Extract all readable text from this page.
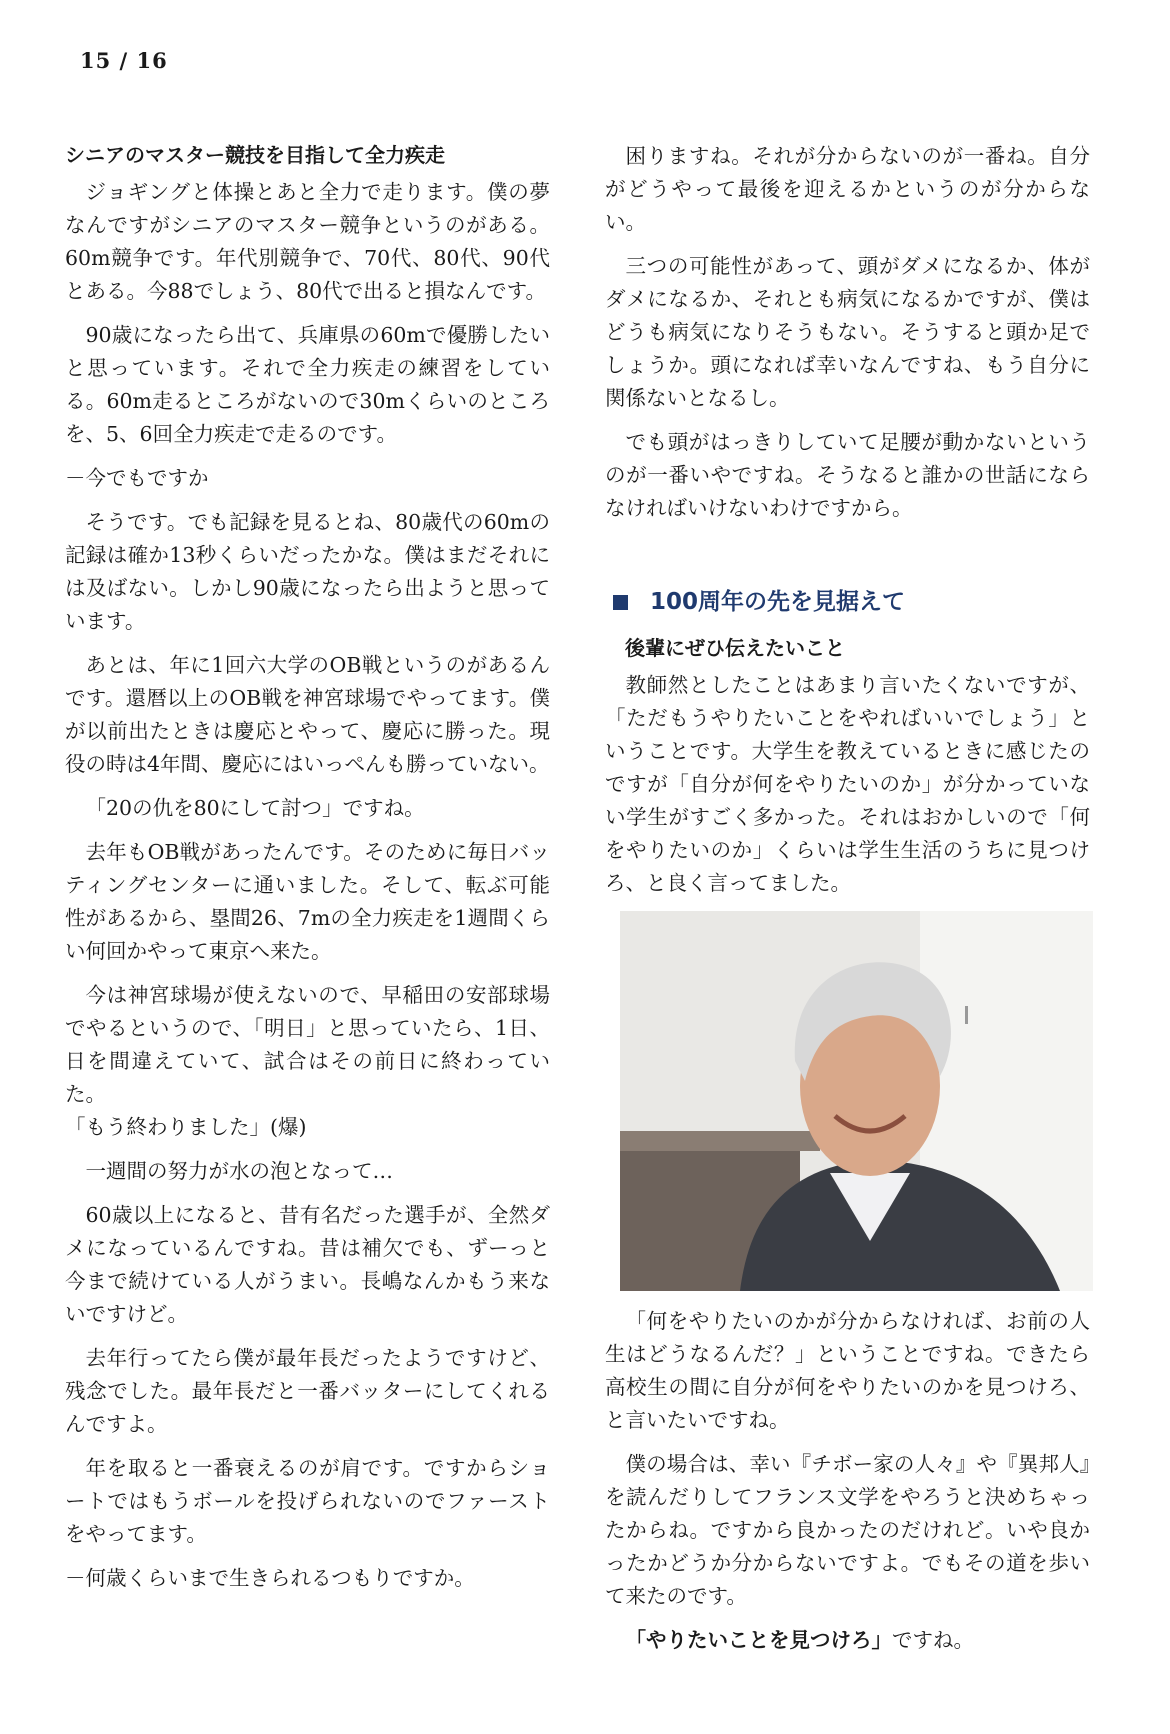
15 / 16
シニアのマスター競技を目指して全力疾走

ジョギングと体操とあと全力で走ります。僕の夢なんですがシニアのマスター競争というのがある。60m競争です。年代別競争で、70代、80代、90代とある。今88でしょう、80代で出ると損なんです。

90歳になったら出て、兵庫県の60mで優勝したいと思っています。それで全力疾走の練習をしている。60m走るところがないので30mくらいのところを、5、6回全力疾走で走るのです。

－今でもですか

そうです。でも記録を見るとね、80歳代の60mの記録は確か13秒くらいだったかな。僕はまだそれには及ばない。しかし90歳になったら出ようと思っています。

あとは、年に1回六大学のOB戦というのがあるんです。還暦以上のOB戦を神宮球場でやってます。僕が以前出たときは慶応とやって、慶応に勝った。現役の時は4年間、慶応にはいっぺんも勝っていない。

「20の仇を80にして討つ」ですね。

去年もOB戦があったんです。そのために毎日バッティングセンターに通いました。そして、転ぶ可能性があるから、塁間26、7mの全力疾走を1週間くらい何回かやって東京へ来た。

今は神宮球場が使えないので、早稲田の安部球場でやるというので、「明日」と思っていたら、1日、日を間違えていて、試合はその前日に終わっていた。

「もう終わりました」(爆)

一週間の努力が水の泡となって…

60歳以上になると、昔有名だった選手が、全然ダメになっているんですね。昔は補欠でも、ずーっと今まで続けている人がうまい。長嶋なんかもう来ないですけど。

去年行ってたら僕が最年長だったようですけど、残念でした。最年長だと一番バッターにしてくれるんですよ。

年を取ると一番衰えるのが肩です。ですからショートではもうボールを投げられないのでファーストをやってます。

－何歳くらいまで生きられるつもりですか。

困りますね。それが分からないのが一番ね。自分がどうやって最後を迎えるかというのが分からない。

三つの可能性があって、頭がダメになるか、体がダメになるか、それとも病気になるかですが、僕はどうも病気になりそうもない。そうすると頭か足でしょうか。頭になれば幸いなんですね、もう自分に関係ないとなるし。

でも頭がはっきりしていて足腰が動かないというのが一番いやですね。そうなると誰かの世話にならなければいけないわけですから。

100周年の先を見据えて
後輩にぜひ伝えたいこと

教師然としたことはあまり言いたくないですが、「ただもうやりたいことをやればいいでしょう」ということです。大学生を教えているときに感じたのですが「自分が何をやりたいのか」が分かっていない学生がすごく多かった。それはおかしいので「何をやりたいのか」くらいは学生生活のうちに見つけろ、と良く言ってました。

「何をやりたいのかが分からなければ、お前の人生はどうなるんだ？」ということですね。できたら高校生の間に自分が何をやりたいのかを見つけろ、と言いたいですね。

僕の場合は、幸い『チボー家の人々』や『異邦人』を読んだりしてフランス文学をやろうと決めちゃったからね。ですから良かったのだけれど。いや良かったかどうか分からないですよ。でもその道を歩いて来たのです。

「やりたいことを見つけろ」ですね。
